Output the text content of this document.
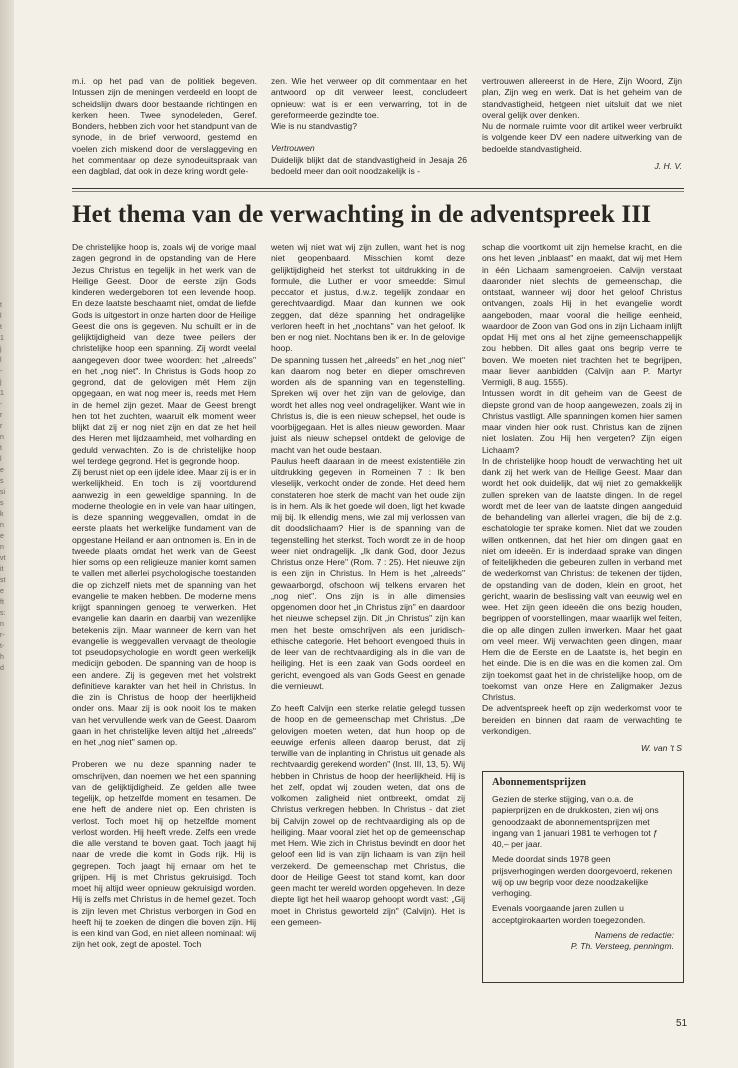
t
l
t
1
j
l
-
j
1
-
r
r
n
t
l
e
s
si
s
k
n
e
n
vt
it
st
e
ft
s:
n
r-
t-
h
d

m.i. op het pad van de politiek begeven. Intussen zijn de meningen verdeeld en loopt de scheidslijn dwars door bestaande richtingen en kerken heen. Twee synodeleden, Geref. Bonders, hebben zich voor het standpunt van de synode, in de brief verwoord, gestemd en voelen zich miskend door de verslaggeving en het commentaar op deze synodeuitspraak van een dagblad, dat ook in deze kring wordt gele-

zen. Wie het verweer op dit commentaar en het antwoord op dit verweer leest, concludeert opnieuw: wat is er een verwarring, tot in de gereformeerde gezindte toe.

Wie is nu standvastig?

Vertrouwen

Duidelijk blijkt dat de standvastigheid in Jesaja 26 bedoeld meer dan ooit noodzakelijk is -

vertrouwen allereerst in de Here, Zijn Woord, Zijn plan, Zijn weg en werk. Dat is het geheim van de standvastigheid, hetgeen niet uitsluit dat we niet overal gelijk over denken.

Nu de normale ruimte voor dit artikel weer verbruikt is volgende keer DV een nadere uitwerking van de bedoelde standvastigheid.

J. H. V.
Het thema van de verwachting in de adventspreek III

De christelijke hoop is, zoals wij de vorige maal zagen gegrond in de opstanding van de Here Jezus Christus en tegelijk in het werk van de Heilige Geest. Door de eerste zijn Gods kinderen wedergeboren tot een levende hoop. En deze laatste beschaamt niet, omdat de liefde Gods is uitgestort in onze harten door de Heilige Geest die ons is gegeven. Nu schuilt er in de gelijktijdigheid van deze twee peilers der christelijke hoop een spanning. Zij wordt veelal aangegeven door twee woorden: het „alreeds" en het „nog niet". In Christus is Gods hoop zo gegrond, dat de gelovigen mét Hem zijn opgegaan, en wat nog meer is, reeds met Hem in de hemel zijn gezet. Maar de Geest brengt hen tot het zuchten, waaruit elk moment weer blijkt dat zij er nog niet zijn en dat ze het heil des Heren met lijdzaamheid, met volharding en geduld verwachten. Zo is de christelijke hoop wel terdege gegrond. Het is gegronde hoop.

Zij berust niet op een ijdele idee. Maar zij is er in werkelijkheid. En toch is zij voortdurend aanwezig in een geweldige spanning. In de moderne theologie en in vele van haar uitingen, is deze spanning weggevallen, omdat in de eerste plaats het werkelijke fundament van de opgestane Heiland er aan ontnomen is. En in de tweede plaats omdat het werk van de Geest hier soms op een religieuze manier komt samen te vallen met allerlei psychologische toestanden die op zichzelf niets met de spanning van het evangelie te maken hebben. De moderne mens krijgt spanningen genoeg te verwerken. Het evangelie kan daarin en daarbij van wezenlijke betekenis zijn. Maar wanneer de kern van het evangelie is weggevallen vervaagt de theologie tot pseudopsychologie en wordt geen werkelijk medicijn geboden. De spanning van de hoop is een andere. Zij is gegeven met het volstrekt definitieve karakter van het heil in Christus. In die zin is Christus de hoop der heerlijkheid onder ons. Maar zij is ook nooit los te maken van het vervullende werk van de Geest. Daarom gaan in het christelijke leven altijd het „alreeds" en het „nog niet" samen op.

Proberen we nu deze spanning nader te omschrijven, dan noemen we het een spanning van de gelijktijdigheid. Ze gelden alle twee tegelijk, op hetzelfde moment en tesamen. De ene heft de andere niet op. Een christen is verlost. Toch moet hij op hetzelfde moment verlost worden. Hij heeft vrede. Zelfs een vrede die alle verstand te boven gaat. Toch jaagt hij naar de vrede die komt in Gods rijk. Hij is gegrepen. Toch jaagt hij ernaar om het te grijpen. Hij is met Christus gekruisigd. Toch moet hij altijd weer opnieuw gekruisigd worden. Hij is zelfs met Christus in de hemel gezet. Toch is zijn leven met Christus verborgen in God en heeft hij te zoeken de dingen die boven zijn. Hij is een kind van God, en niet alleen nominaal: wij zijn het ook, zegt de apostel. Toch

weten wij niet wat wij zijn zullen, want het is nog niet geopenbaard. Misschien komt deze gelijktijdigheid het sterkst tot uitdrukking in de formule, die Luther er voor smeedde: Simul peccator et justus, d.w.z. tegelijk zondaar en gerechtvaardigd. Maar dan kunnen we ook zeggen, dat déze spanning het ondragelijke verloren heeft in het „nochtans" van het geloof. Ik ben er nog niet. Nochtans ben ik er. In de gelovige hoop.

De spanning tussen het „alreeds" en het „nog niet" kan daarom nog beter en dieper omschreven worden als de spanning van en tegenstelling. Spreken wij over het zijn van de gelovige, dan wordt het alles nog veel ondragelijker. Want wie in Christus is, die is een nieuw schepsel, het oude is voorbijgegaan. Het is alles nieuw geworden. Maar juist als nieuw schepsel ontdekt de gelovige de macht van het oude bestaan.

Paulus heeft daaraan in de meest existentiële zin uitdrukking gegeven in Romeinen 7 : Ik ben vleselijk, verkocht onder de zonde. Het deed hem constateren hoe sterk de macht van het oude zijn is in hem. Als ik het goede wil doen, ligt het kwade mij bij. Ik ellendig mens, wie zal mij verlossen van dit doodslichaam? Hier is de spanning van de tegenstelling het sterkst. Toch wordt ze in de hoop weer niet ondragelijk. „Ik dank God, door Jezus Christus onze Here" (Rom. 7 : 25). Het nieuwe zijn is een zijn in Christus. In Hem is het „alreeds" gewaarborgd, ofschoon wij telkens ervaren het „nog niet". Ons zijn is in alle dimensies opgenomen door het „in Christus zijn" en daardoor het nieuwe schepsel zijn. Dit „in Christus" zijn kan men het beste omschrijven als een juridisch-ethische categorie. Het behoort evengoed thuis in de leer van de rechtvaardiging als in die van de heiliging. Het is een zaak van Gods oordeel en gericht, evengoed als van Gods Geest en genade die vernieuwt.

Zo heeft Calvijn een sterke relatie gelegd tussen de hoop en de gemeenschap met Christus. „De gelovigen moeten weten, dat hun hoop op de eeuwige erfenis alleen daarop berust, dat zij terwille van de inplanting in Christus uit genade als rechtvaardig gerekend worden" (Inst. III, 13, 5). Wij hebben in Christus de hoop der heerlijkheid. Hij is het zelf, opdat wij zouden weten, dat ons de volkomen zaligheid niet ontbreekt, omdat zij Christus verkregen hebben. In Christus - dat ziet bij Calvijn zowel op de rechtvaardiging als op de heiliging. Maar vooral ziet het op de gemeenschap met Hem. Wie zich in Christus bevindt en door het geloof een lid is van zijn lichaam is van zijn heil verzekerd. De gemeenschap met Christus, die door de Heilige Geest tot stand komt, kan door geen macht ter wereld worden opgeheven. In deze diepte ligt het heil waarop gehoopt wordt vast: „Gij moet in Christus geworteld zijn" (Calvijn). Het is een gemeen-

schap die voortkomt uit zijn hemelse kracht, en die ons het leven „inblaast" en maakt, dat wij met Hem in één Lichaam samengroeien. Calvijn verstaat daaronder niet slechts de gemeenschap, die ontstaat, wanneer wij door het geloof Christus ontvangen, zoals Hij in het evangelie wordt aangeboden, maar vooral die heilige eenheid, waardoor de Zoon van God ons in zijn Lichaam inlijft opdat Hij met ons al het zijne gemeenschappelijk zou hebben. Dit alles gaat ons begrip verre te boven. We moeten niet trachten het te begrijpen, maar liever aanbidden (Calvijn aan P. Martyr Vermigli, 8 aug. 1555).

Intussen wordt in dit geheim van de Geest de diepste grond van de hoop aangewezen, zoals zij in Christus vastligt. Alle spanningen komen hier samen maar vinden hier ook rust. Christus kan de zijnen niet loslaten. Zou Hij hen vergeten? Zijn eigen Lichaam?

In de christelijke hoop houdt de verwachting het uit dank zij het werk van de Heilige Geest. Maar dan wordt het ook duidelijk, dat wij niet zo gemakkelijk zullen spreken van de laatste dingen. In de regel wordt met de leer van de laatste dingen aangeduid de behandeling van allerlei vragen, die bij de z.g. eschatologie ter sprake komen. Niet dat we zouden willen ontkennen, dat het hier om dingen gaat en niet om ideeën. Er is inderdaad sprake van dingen of feitelijkheden die gebeuren zullen in verband met de wederkomst van Christus: de tekenen der tijden, de opstanding van de doden, klein en groot, het gericht, waarin de beslissing valt van eeuwig wel en wee. Het zijn geen ideeën die ons bezig houden, begrippen of voorstellingen, maar waarlijk wel feiten, die op alle dingen zullen inwerken. Maar het gaat om veel meer. Wij verwachten geen dingen, maar Hem die de Eerste en de Laatste is, het begin en het einde. Die is en die was en die komen zal. Om zijn toekomst gaat het in de christelijke hoop, om de toekomst van onze Here en Zaligmaker Jezus Christus.

De adventspreek heeft op zijn wederkomst voor te bereiden en binnen dat raam de verwachting te verkondigen.

W. van 't S
Abonnementsprijzen

Gezien de sterke stijging, van o.a. de papierprijzen en de drukkosten, zien wij ons genoodzaakt de abonnementsprijzen met ingang van 1 januari 1981 te verhogen tot ƒ 40,– per jaar.

Mede doordat sinds 1978 geen prijsverhogingen werden doorgevoerd, rekenen wij op uw begrip voor deze noodzakelijke verhoging.

Evenals voorgaande jaren zullen u acceptgirokaarten worden toegezonden.

Namens de redactie:
P. Th. Versteeg, penningm.
51
